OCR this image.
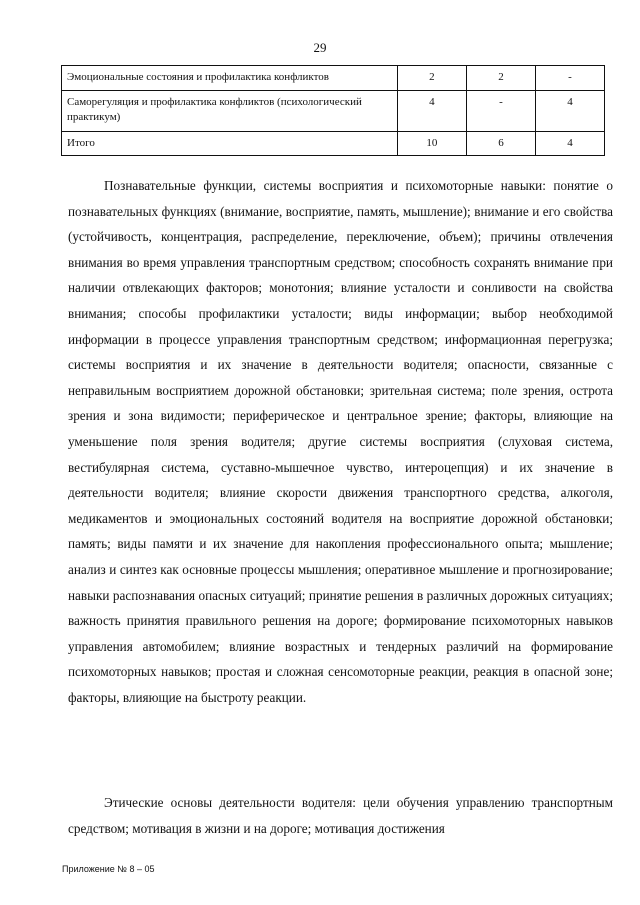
29
Эмоциональные состояния и профилактика конфликтов	2	2	-
Саморегуляция и профилактика конфликтов (психологический практикум)	4	-	4
Итого	10	6	4

Познавательные функции, системы восприятия и психомоторные навыки: понятие о познавательных функциях (внимание, восприятие, память, мышление); внимание и его свойства (устойчивость, концентрация, распределение, переключение, объем); причины отвлечения внимания во время управления транспортным средством; способность сохранять внимание при наличии отвлекающих факторов; монотония; влияние усталости и сонливости на свойства внимания; способы профилактики усталости; виды информации; выбор необходимой информации в процессе управления транспортным средством; информационная перегрузка; системы восприятия и их значение в деятельности водителя; опасности, связанные с неправильным восприятием дорожной обстановки; зрительная система; поле зрения, острота зрения и зона видимости; периферическое и центральное зрение; факторы, влияющие на уменьшение поля зрения водителя; другие системы восприятия (слуховая система, вестибулярная система, суставно-мышечное чувство, интероцепция) и их значение в деятельности водителя; влияние скорости движения транспортного средства, алкоголя, медикаментов и эмоциональных состояний водителя на восприятие дорожной обстановки; память; виды памяти и их значение для накопления профессионального опыта; мышление; анализ и синтез как основные процессы мышления; оперативное мышление и прогнозирование; навыки распознавания опасных ситуаций; принятие решения в различных дорожных ситуациях; важность принятия правильного решения на дороге; формирование психомоторных навыков управления автомобилем; влияние возрастных и тендерных различий на формирование психомоторных навыков; простая и сложная сенсомоторные реакции, реакция в опасной зоне; факторы, влияющие на быстроту реакции.

Этические основы деятельности водителя: цели обучения управлению транспортным средством; мотивация в жизни и на дороге; мотивация достижения

Приложение № 8 – 05
